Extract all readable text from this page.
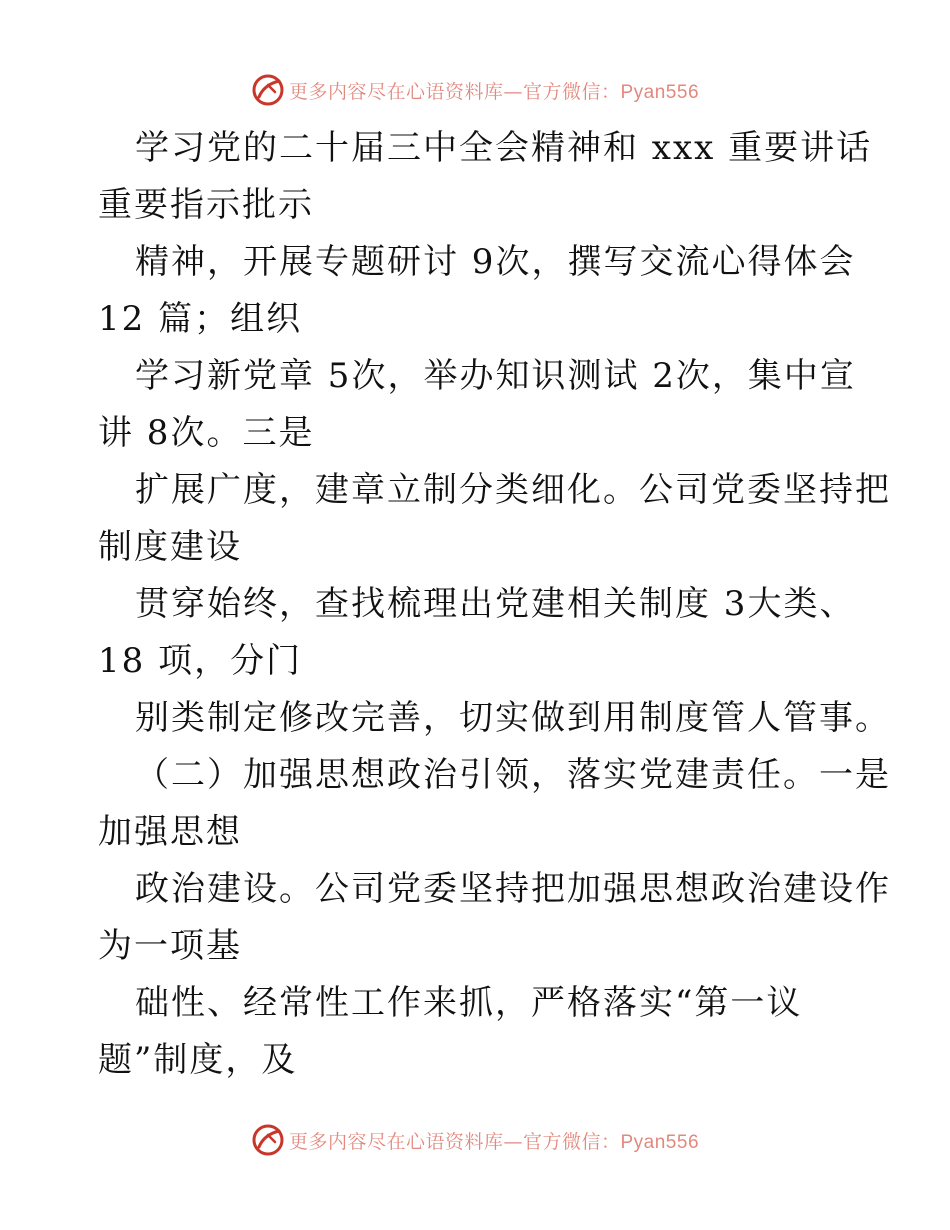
更多内容尽在心语资料库—官方微信：Pyan556
学习党的二十届三中全会精神和 xxx 重要讲话
重要指示批示
精神，开展专题研讨 9次，撰写交流心得体会
12 篇；组织
学习新党章 5次，举办知识测试 2次，集中宣
讲 8次。三是
扩展广度，建章立制分类细化。公司党委坚持把
制度建设
贯穿始终，查找梳理出党建相关制度 3大类、
18 项，分门
别类制定修改完善，切实做到用制度管人管事。
（二）加强思想政治引领，落实党建责任。一是
加强思想
政治建设。公司党委坚持把加强思想政治建设作
为一项基
础性、经常性工作来抓，严格落实“第一议
题”制度，及
更多内容尽在心语资料库—官方微信：Pyan556
